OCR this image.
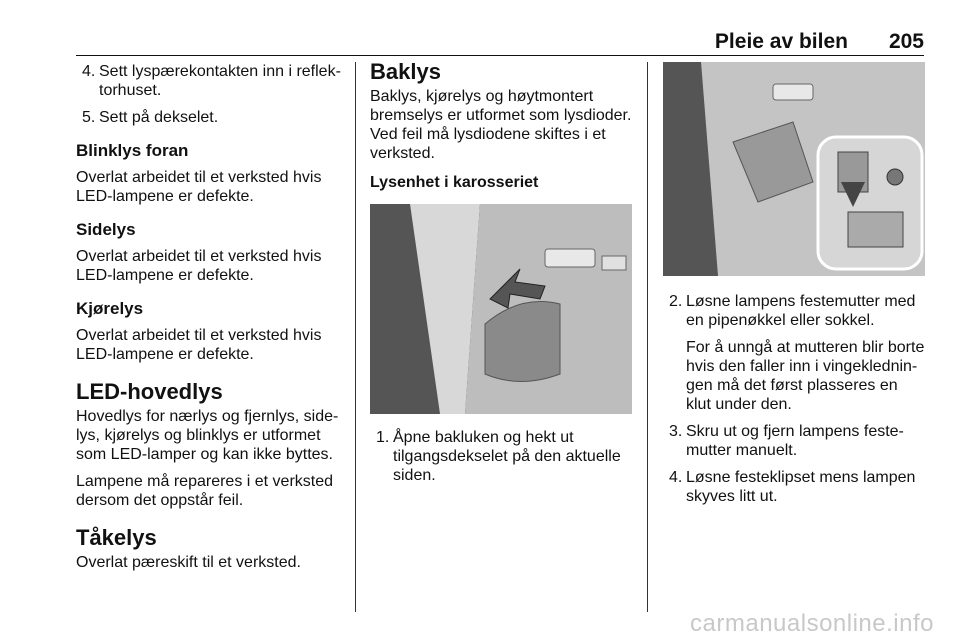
Pleie av bilen 205
4. Sett lyspærekontakten inn i reflek-torhuset.
5. Sett på dekselet.
Blinklys foran

Overlat arbeidet til et verksted hvis LED-lampene er defekte.

Sidelys

Overlat arbeidet til et verksted hvis LED-lampene er defekte.

Kjørelys

Overlat arbeidet til et verksted hvis LED-lampene er defekte.

LED-hovedlys

Hovedlys for nærlys og fjernlys, side-lys, kjørelys og blinklys er utformet som LED-lamper og kan ikke byttes.

Lampene må repareres i et verksted dersom det oppstår feil.

Tåkelys

Overlat pæreskift til et verksted.

Baklys

Baklys, kjørelys og høytmontert bremselys er utformet som lysdioder. Ved feil må lysdiodene skiftes i et verksted.

Lysenhet i karosseriet
1. Åpne bakluken og hekt ut tilgangsdekselet på den aktuelle siden.
2. Løsne lampens festemutter med en pipenøkkel eller sokkel.
For å unngå at mutteren blir borte hvis den faller inn i vingeklednin-gen må det først plasseres en klut under den.
3. Skru ut og fjern lampens feste-mutter manuelt.
4. Løsne festeklipset mens lampen skyves litt ut.
carmanualsonline.info
